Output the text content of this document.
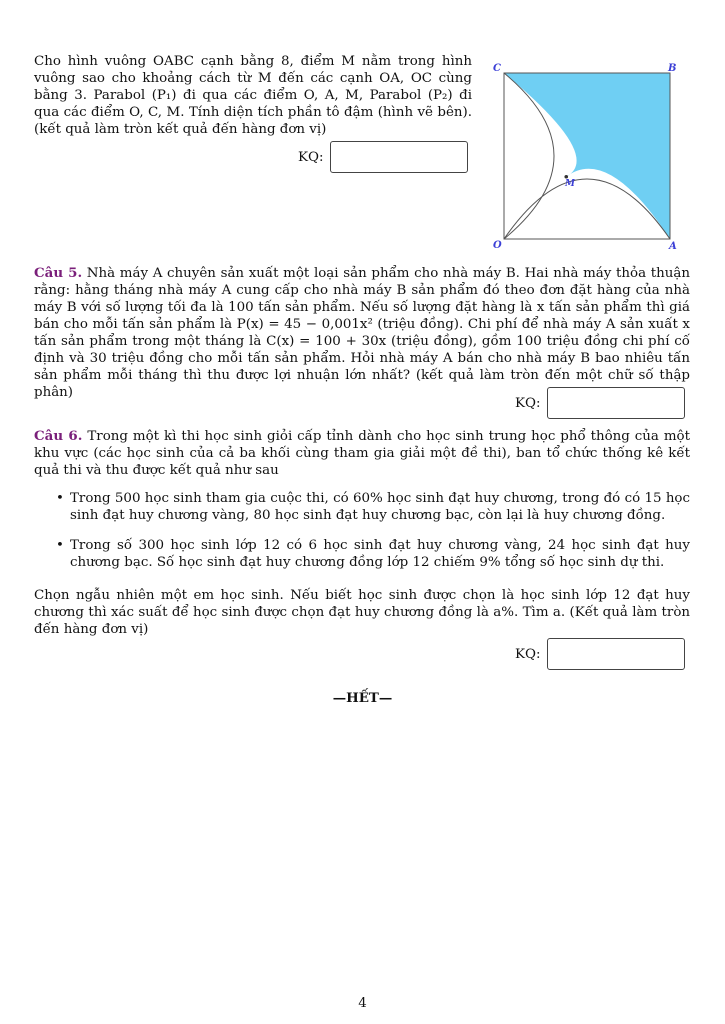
Cho hình vuông OABC cạnh bằng 8, điểm M nằm trong hình vuông sao cho khoảng cách từ M đến các cạnh OA, OC cùng bằng 3. Parabol (P₁) đi qua các điểm O, A, M, Parabol (P₂) đi qua các điểm O, C, M. Tính diện tích phần tô đậm (hình vẽ bên). (kết quả làm tròn kết quả đến hàng đơn vị)

KQ:
C	B
O	A
M

Câu 5. Nhà máy A chuyên sản xuất một loại sản phẩm cho nhà máy B. Hai nhà máy thỏa thuận rằng: hằng tháng nhà máy A cung cấp cho nhà máy B sản phẩm đó theo đơn đặt hàng của nhà máy B với số lượng tối đa là 100 tấn sản phẩm. Nếu số lượng đặt hàng là x tấn sản phẩm thì giá bán cho mỗi tấn sản phẩm là P(x) = 45 − 0,001x² (triệu đồng). Chi phí để nhà máy A sản xuất x tấn sản phẩm trong một tháng là C(x) = 100 + 30x (triệu đồng), gồm 100 triệu đồng chi phí cố định và 30 triệu đồng cho mỗi tấn sản phẩm. Hỏi nhà máy A bán cho nhà máy B bao nhiêu tấn sản phẩm mỗi tháng thì thu được lợi nhuận lớn nhất? (kết quả làm tròn đến một chữ số thập phân)

KQ:

Câu 6. Trong một kì thi học sinh giỏi cấp tỉnh dành cho học sinh trung học phổ thông của một khu vực (các học sinh của cả ba khối cùng tham gia giải một đề thi), ban tổ chức thống kê kết quả thi và thu được kết quả như sau

• Trong 500 học sinh tham gia cuộc thi, có 60% học sinh đạt huy chương, trong đó có 15 học sinh đạt huy chương vàng, 80 học sinh đạt huy chương bạc, còn lại là huy chương đồng.
• Trong số 300 học sinh lớp 12 có 6 học sinh đạt huy chương vàng, 24 học sinh đạt huy chương bạc. Số học sinh đạt huy chương đồng lớp 12 chiếm 9% tổng số học sinh dự thi.

Chọn ngẫu nhiên một em học sinh. Nếu biết học sinh được chọn là học sinh lớp 12 đạt huy chương thì xác suất để học sinh được chọn đạt huy chương đồng là a%. Tìm a. (Kết quả làm tròn đến hàng đơn vị)

KQ:
—HẾT—
4
